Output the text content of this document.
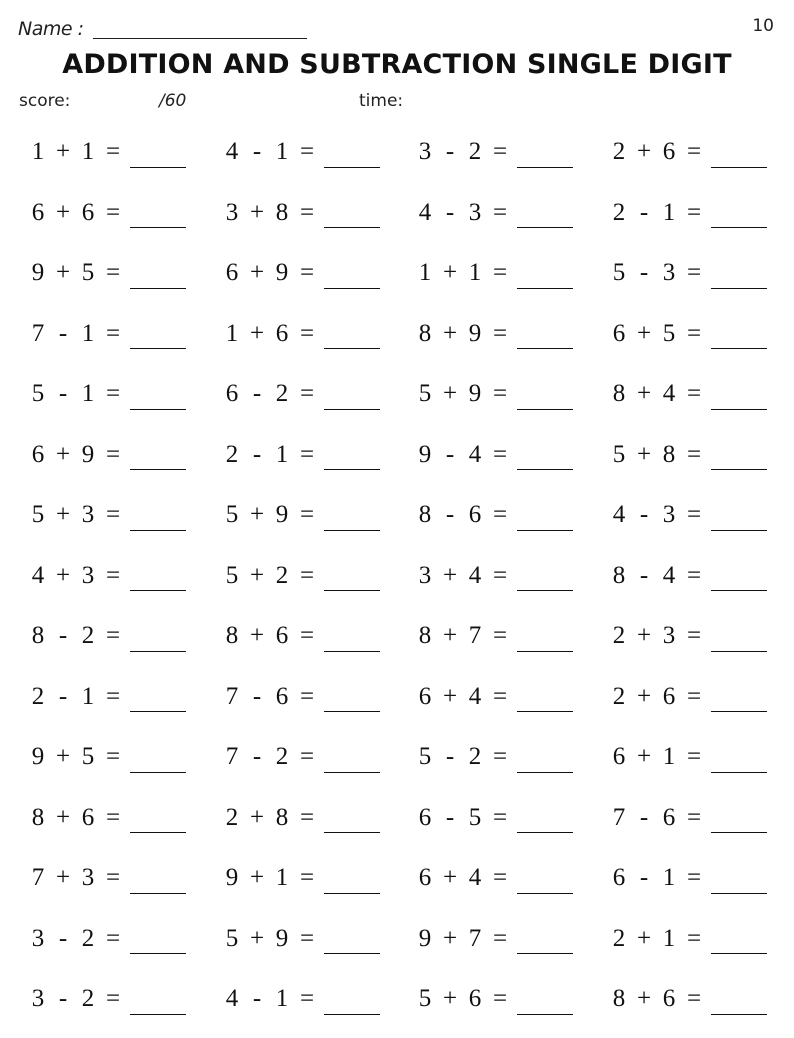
Name :	10
ADDITION AND SUBTRACTION SINGLE DIGIT
score:	/60	time:
1 + 1 =	4 - 1 =	3 - 2 =	2 + 6 =
6 + 6 =	3 + 8 =	4 - 3 =	2 - 1 =
9 + 5 =	6 + 9 =	1 + 1 =	5 - 3 =
7 - 1 =	1 + 6 =	8 + 9 =	6 + 5 =
5 - 1 =	6 - 2 =	5 + 9 =	8 + 4 =
6 + 9 =	2 - 1 =	9 - 4 =	5 + 8 =
5 + 3 =	5 + 9 =	8 - 6 =	4 - 3 =
4 + 3 =	5 + 2 =	3 + 4 =	8 - 4 =
8 - 2 =	8 + 6 =	8 + 7 =	2 + 3 =
2 - 1 =	7 - 6 =	6 + 4 =	2 + 6 =
9 + 5 =	7 - 2 =	5 - 2 =	6 + 1 =
8 + 6 =	2 + 8 =	6 - 5 =	7 - 6 =
7 + 3 =	9 + 1 =	6 + 4 =	6 - 1 =
3 - 2 =	5 + 9 =	9 + 7 =	2 + 1 =
3 - 2 =	4 - 1 =	5 + 6 =	8 + 6 =
